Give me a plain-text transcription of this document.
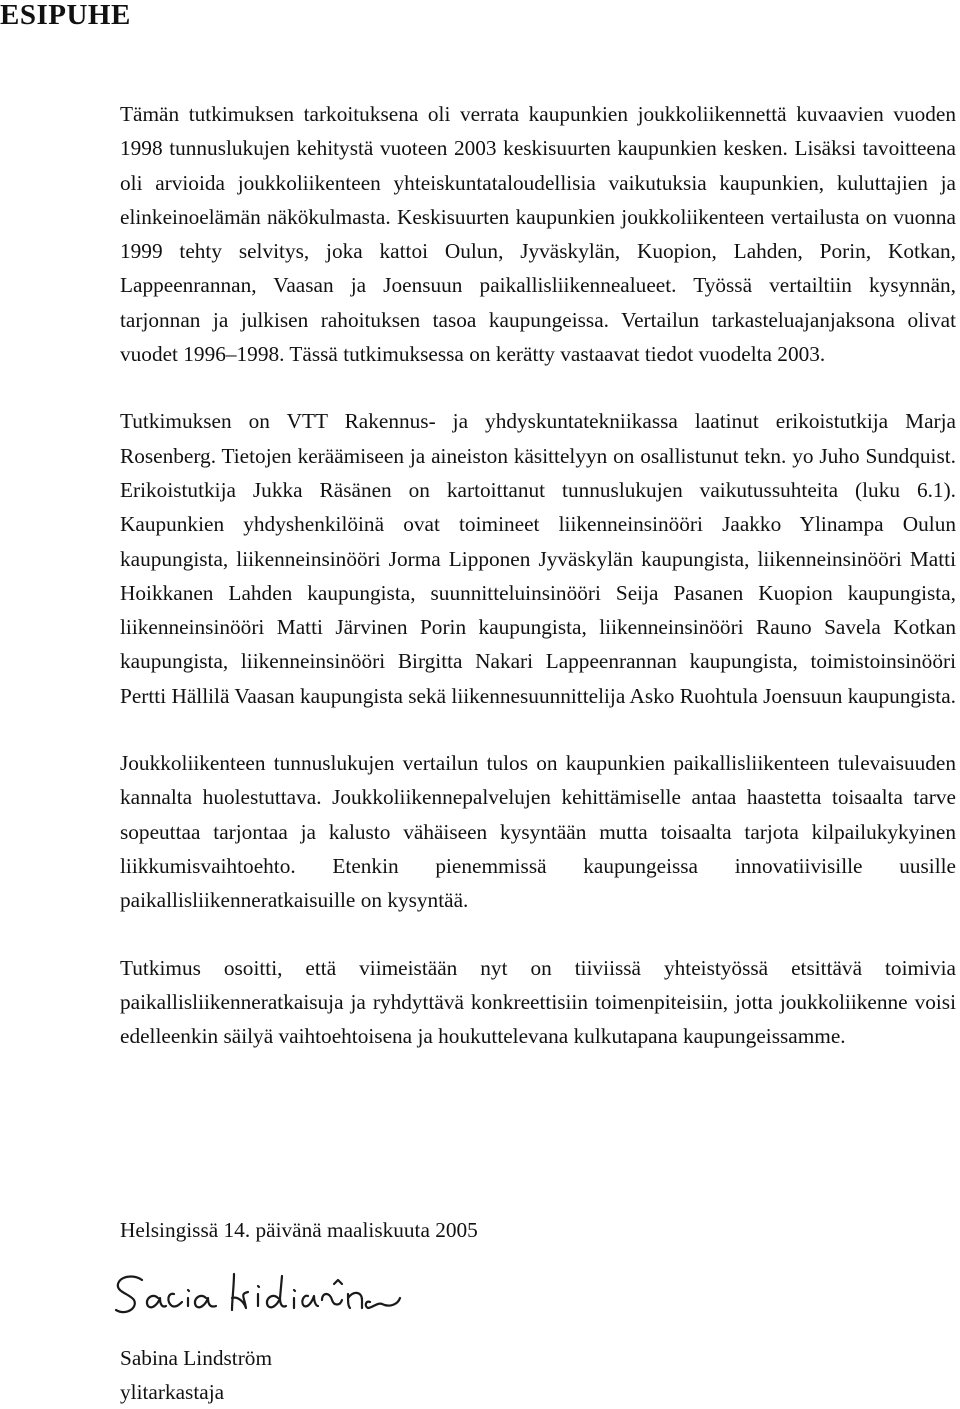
ESIPUHE

Tämän tutkimuksen tarkoituksena oli verrata kaupunkien joukkoliikennettä kuvaavien vuoden 1998 tunnuslukujen kehitystä vuoteen 2003 keskisuurten kaupunkien kesken. Lisäksi tavoitteena oli arvioida joukkoliikenteen yhteiskuntataloudellisia vaikutuksia kaupunkien, kuluttajien ja elinkeinoelämän näkökulmasta. Keskisuurten kaupunkien joukkoliikenteen vertailusta on vuonna 1999 tehty selvitys, joka kattoi Oulun, Jyväskylän, Kuopion, Lahden, Porin, Kotkan, Lappeenrannan, Vaasan ja Joensuun paikallisliikennealueet. Työssä vertailtiin kysynnän, tarjonnan ja julkisen rahoituksen tasoa kaupungeissa. Vertailun tarkasteluajanjaksona olivat vuodet 1996–1998. Tässä tutkimuksessa on kerätty vastaavat tiedot vuodelta 2003.

Tutkimuksen on VTT Rakennus- ja yhdyskuntatekniikassa laatinut erikoistutkija Marja Rosenberg. Tietojen keräämiseen ja aineiston käsittelyyn on osallistunut tekn. yo Juho Sundquist. Erikoistutkija Jukka Räsänen on kartoittanut tunnuslukujen vaikutussuhteita (luku 6.1). Kaupunkien yhdyshenkilöinä ovat toimineet liikenneinsinööri Jaakko Ylinampa Oulun kaupungista, liikenneinsinööri Jorma Lipponen Jyväskylän kaupungista, liikenneinsinööri Matti Hoikkanen Lahden kaupungista, suunnitteluinsinööri Seija Pasanen Kuopion kaupungista, liikenneinsinööri Matti Järvinen Porin kaupungista, liikenneinsinööri Rauno Savela Kotkan kaupungista, liikenneinsinööri Birgitta Nakari Lappeenrannan kaupungista, toimistoinsinööri Pertti Hällilä Vaasan kaupungista sekä liikennesuunnittelija Asko Ruohtula Joensuun kaupungista.

Joukkoliikenteen tunnuslukujen vertailun tulos on kaupunkien paikallisliikenteen tulevaisuuden kannalta huolestuttava. Joukkoliikennepalvelujen kehittämiselle antaa haastetta toisaalta tarve sopeuttaa tarjontaa ja kalusto vähäiseen kysyntään mutta toisaalta tarjota kilpailukykyinen liikkumisvaihtoehto. Etenkin pienemmissä kaupungeissa innovatiivisille uusille paikallisliikenneratkaisuille on kysyntää.

Tutkimus osoitti, että viimeistään nyt on tiiviissä yhteistyössä etsittävä toimivia paikallisliikenneratkaisuja ja ryhdyttävä konkreettisiin toimenpiteisiin, jotta joukkoliikenne voisi edelleenkin säilyä vaihtoehtoisena ja houkuttelevana kulkutapana kaupungeissamme.

Helsingissä 14. päivänä maaliskuuta 2005

Sabina Lindström
ylitarkastaja
